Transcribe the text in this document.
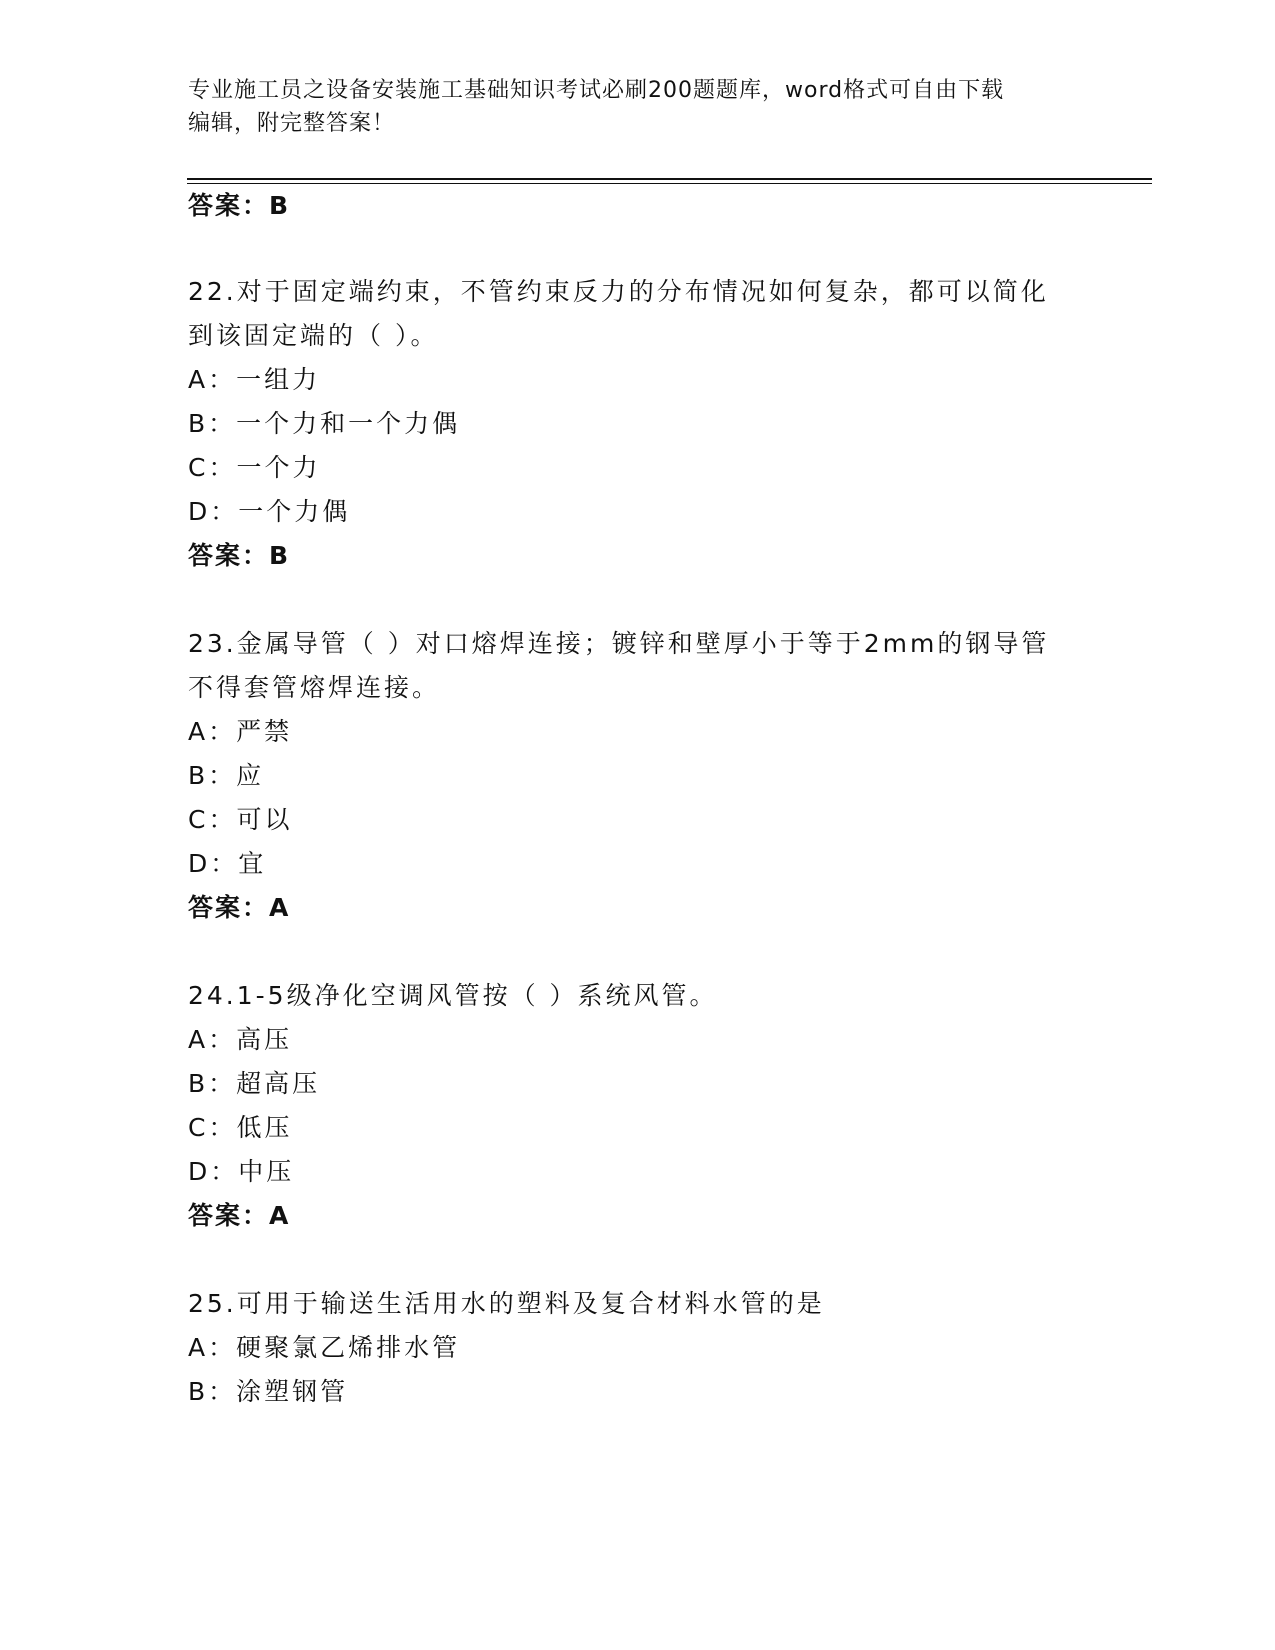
专业施工员之设备安装施工基础知识考试必刷200题题库，word格式可自由下载
编辑，附完整答案！
答案：B
22.对于固定端约束，不管约束反力的分布情况如何复杂，都可以简化
到该固定端的（ ）。
A：一组力
B：一个力和一个力偶
C：一个力
D：一个力偶
答案：B
23.金属导管（ ）对口熔焊连接；镀锌和壁厚小于等于2mm的钢导管
不得套管熔焊连接。
A：严禁
B：应
C：可以
D：宜
答案：A
24.1-5级净化空调风管按（ ）系统风管。
A：高压
B：超高压
C：低压
D：中压
答案：A
25.可用于输送生活用水的塑料及复合材料水管的是
A：硬聚氯乙烯排水管
B：涂塑钢管
